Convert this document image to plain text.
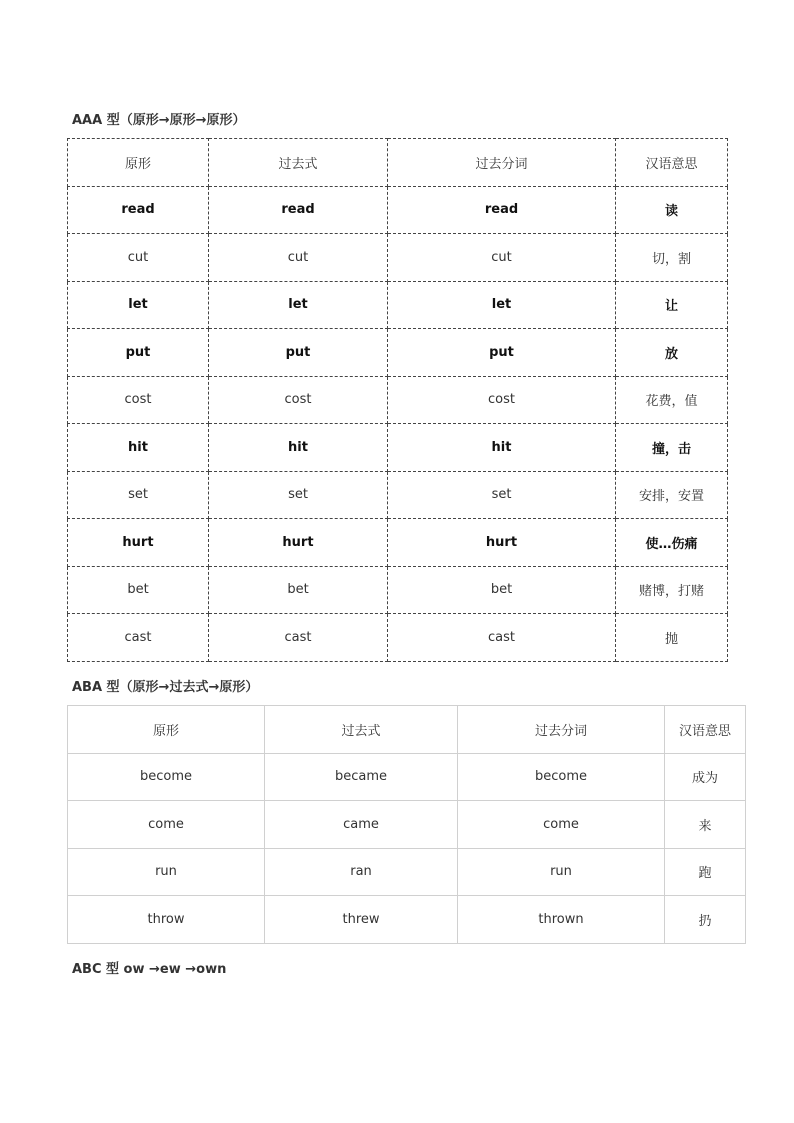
AAA 型（原形→原形→原形）
原形	过去式	过去分词	汉语意思
read	read	read	读
cut	cut	cut	切，割
let	let	let	让
put	put	put	放
cost	cost	cost	花费，值
hit	hit	hit	撞，击
set	set	set	安排，安置
hurt	hurt	hurt	使…伤痛
bet	bet	bet	赌博，打赌
cast	cast	cast	抛
ABA 型（原形→过去式→原形）
原形	过去式	过去分词	汉语意思
become	became	become	成为
come	came	come	来
run	ran	run	跑
throw	threw	thrown	扔
ABC 型 ow →ew →own
